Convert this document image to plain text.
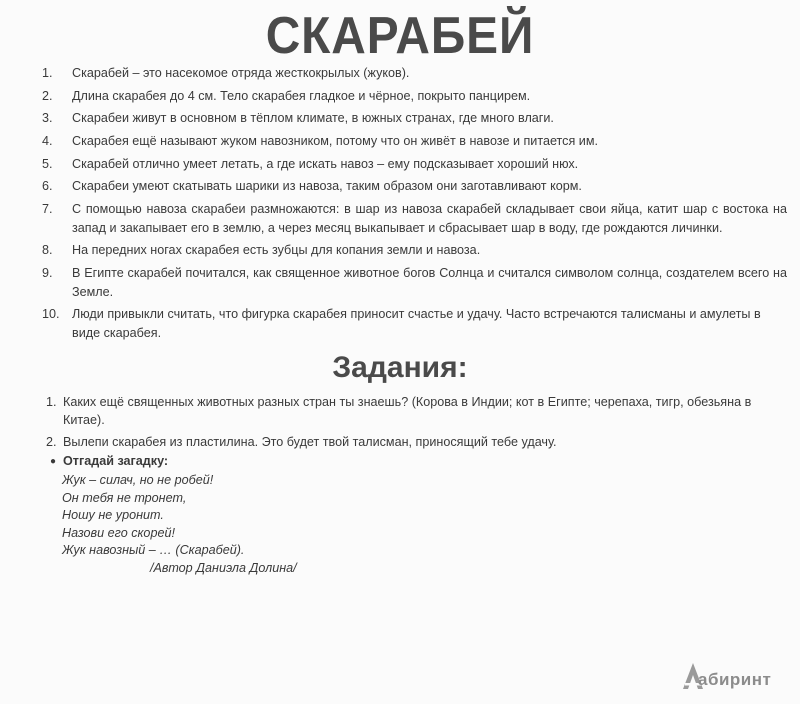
СКАРАБЕЙ
1.	Скарабей – это насекомое отряда жесткокрылых (жуков).
2.	Длина скарабея до 4 см. Тело скарабея гладкое и чёрное, покрыто панцирем.
3.	Скарабеи живут в основном в тёплом климате, в южных странах, где много влаги.
4.	Скарабея ещё называют жуком навозником, потому что он живёт в навозе и питается им.
5.	Скарабей отлично умеет летать, а где искать навоз – ему подсказывает хороший нюх.
6.	Скарабеи умеют скатывать шарики из навоза, таким образом они заготавливают корм.
7.	С помощью навоза скарабеи размножаются: в шар из навоза скарабей складывает свои яйца, катит шар с востока на запад и закапывает его в землю, а через месяц выкапывает и сбрасывает шар в воду, где рождаются личинки.
8.	На передних ногах скарабея есть зубцы для копания земли и навоза.
9.	В Египте скарабей почитался, как священное животное богов Солнца и считался символом солнца, создателем всего на Земле.
10. Люди привыкли считать, что фигурка скарабея приносит счастье и удачу. Часто встречаются талисманы и амулеты в виде скарабея.
Задания:
1. Каких ещё священных животных разных стран ты знаешь? (Корова в Индии; кот в Египте; черепаха, тигр, обезьяна в Китае).
2. Вылепи скарабея из пластилина. Это будет твой талисман, приносящий тебе удачу.
● Отгадай загадку:
Жук – силач, но не робей!
Он тебя не тронет,
Ношу не уронит.
Назови его скорей!
Жук навозный – … (Скарабей).
/Автор Даниэла Долина/
абиринт
